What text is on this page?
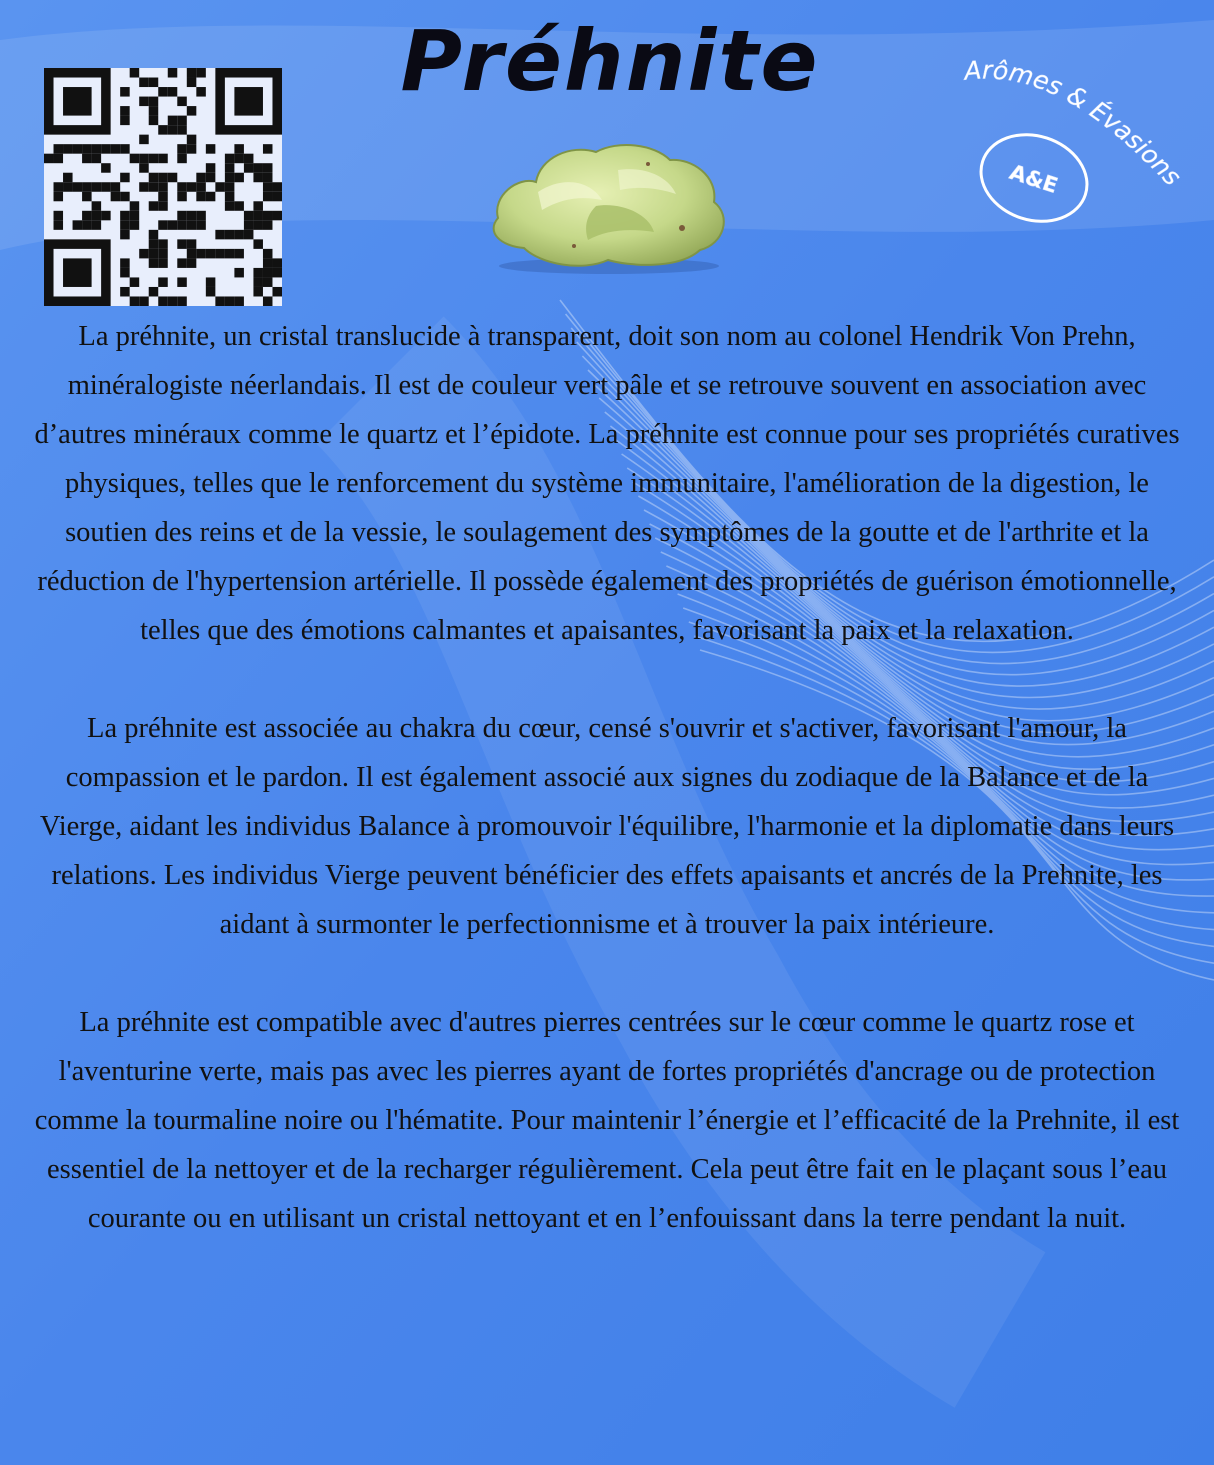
Préhnite	Arômes & Évasions
A&E

La préhnite, un cristal translucide à transparent, doit son nom au colonel Hendrik Von Prehn, minéralogiste néerlandais. Il est de couleur vert pâle et se retrouve souvent en association avec d’autres minéraux comme le quartz et l’épidote. La préhnite est connue pour ses propriétés curatives physiques, telles que le renforcement du système immunitaire, l'amélioration de la digestion, le soutien des reins et de la vessie, le soulagement des symptômes de la goutte et de l'arthrite et la réduction de l'hypertension artérielle. Il possède également des propriétés de guérison émotionnelle, telles que des émotions calmantes et apaisantes, favorisant la paix et la relaxation.

La préhnite est associée au chakra du cœur, censé s'ouvrir et s'activer, favorisant l'amour, la compassion et le pardon. Il est également associé aux signes du zodiaque de la Balance et de la Vierge, aidant les individus Balance à promouvoir l'équilibre, l'harmonie et la diplomatie dans leurs relations. Les individus Vierge peuvent bénéficier des effets apaisants et ancrés de la Prehnite, les aidant à surmonter le perfectionnisme et à trouver la paix intérieure.

La préhnite est compatible avec d'autres pierres centrées sur le cœur comme le quartz rose et l'aventurine verte, mais pas avec les pierres ayant de fortes propriétés d'ancrage ou de protection comme la tourmaline noire ou l'hématite. Pour maintenir l’énergie et l’efficacité de la Prehnite, il est essentiel de la nettoyer et de la recharger régulièrement. Cela peut être fait en le plaçant sous l’eau courante ou en utilisant un cristal nettoyant et en l’enfouissant dans la terre pendant la nuit.
